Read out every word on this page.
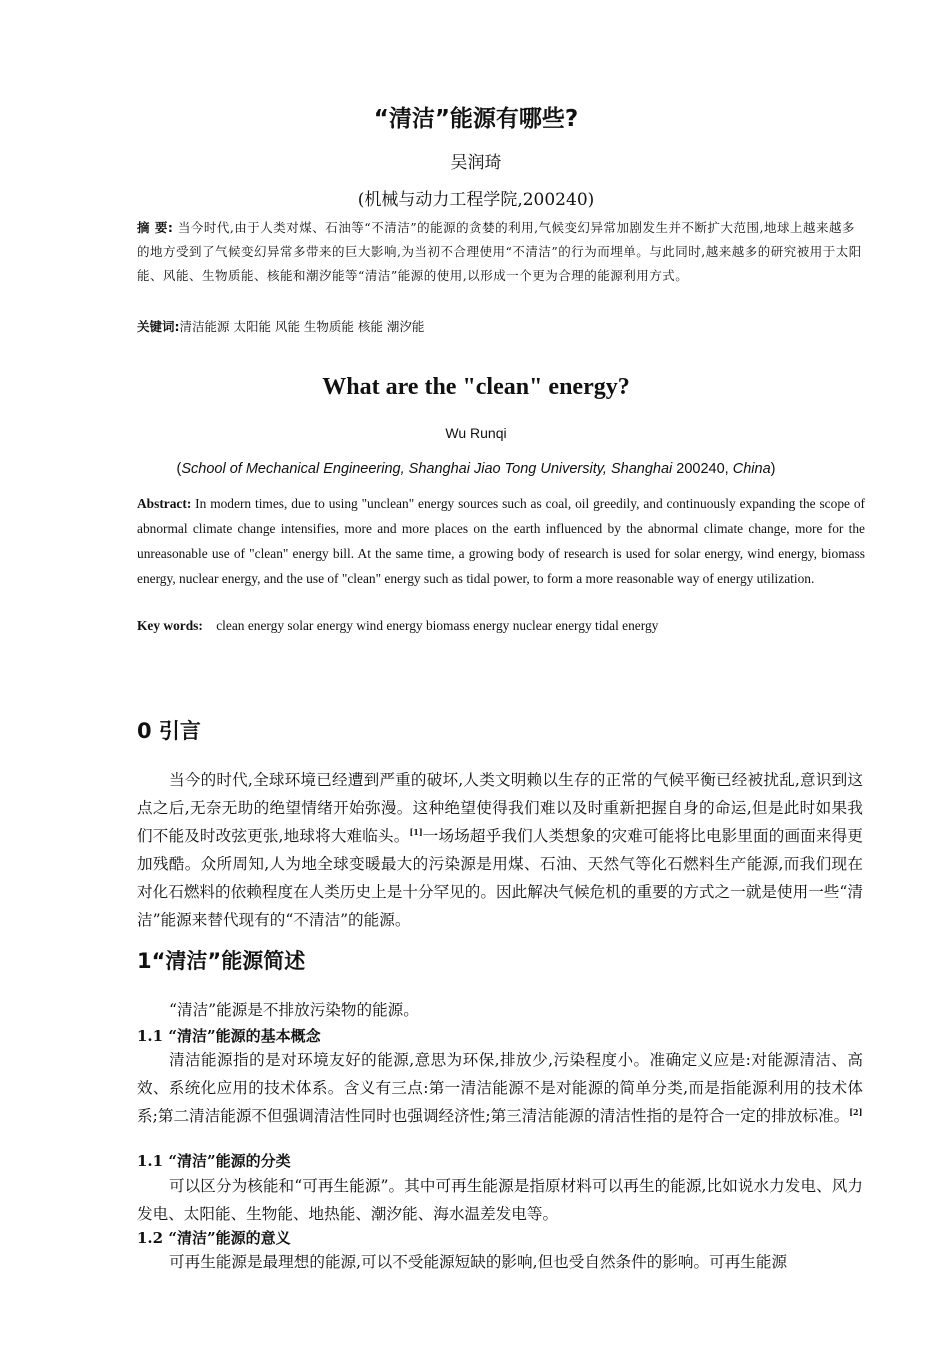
“清洁”能源有哪些?
吴润琦
(机械与动力工程学院,200240)
摘 要: 当今时代,由于人类对煤、石油等“不清洁”的能源的贪婪的利用,气候变幻异常加剧发生并不断扩大范围,地球上越来越多的地方受到了气候变幻异常多带来的巨大影响,为当初不合理使用“不清洁”的行为而埋单。与此同时,越来越多的研究被用于太阳能、风能、生物质能、核能和潮汐能等“清洁”能源的使用,以形成一个更为合理的能源利用方式。
关键词:清洁能源 太阳能 风能 生物质能 核能 潮汐能
What are the "clean" energy?
Wu Runqi
(School of Mechanical Engineering, Shanghai Jiao Tong University, Shanghai 200240, China)
Abstract: In modern times, due to using "unclean" energy sources such as coal, oil greedily, and continuously expanding the scope of abnormal climate change intensifies, more and more places on the earth influenced by the abnormal climate change, more for the unreasonable use of "clean" energy bill. At the same time, a growing body of research is used for solar energy, wind energy, biomass energy, nuclear energy, and the use of "clean" energy such as tidal power, to form a more reasonable way of energy utilization.
Key words: clean energy solar energy wind energy biomass energy nuclear energy tidal energy
0 引言
当今的时代,全球环境已经遭到严重的破坏,人类文明赖以生存的正常的气候平衡已经被扰乱,意识到这点之后,无奈无助的绝望情绪开始弥漫。这种绝望使得我们难以及时重新把握自身的命运,但是此时如果我们不能及时改弦更张,地球将大难临头。[1]一场场超乎我们人类想象的灾难可能将比电影里面的画面来得更加残酷。众所周知,人为地全球变暖最大的污染源是用煤、石油、天然气等化石燃料生产能源,而我们现在对化石燃料的依赖程度在人类历史上是十分罕见的。因此解决气候危机的重要的方式之一就是使用一些“清洁”能源来替代现有的“不清洁”的能源。
1“清洁”能源简述
“清洁”能源是不排放污染物的能源。
1.1 “清洁”能源的基本概念
清洁能源指的是对环境友好的能源,意思为环保,排放少,污染程度小。准确定义应是:对能源清洁、高效、系统化应用的技术体系。含义有三点:第一清洁能源不是对能源的简单分类,而是指能源利用的技术体系;第二清洁能源不但强调清洁性同时也强调经济性;第三清洁能源的清洁性指的是符合一定的排放标准。[2]
1.1 “清洁”能源的分类
可以区分为核能和“可再生能源”。其中可再生能源是指原材料可以再生的能源,比如说水力发电、风力发电、太阳能、生物能、地热能、潮汐能、海水温差发电等。
1.2 “清洁”能源的意义
可再生能源是最理想的能源,可以不受能源短缺的影响,但也受自然条件的影响。可再生能源
